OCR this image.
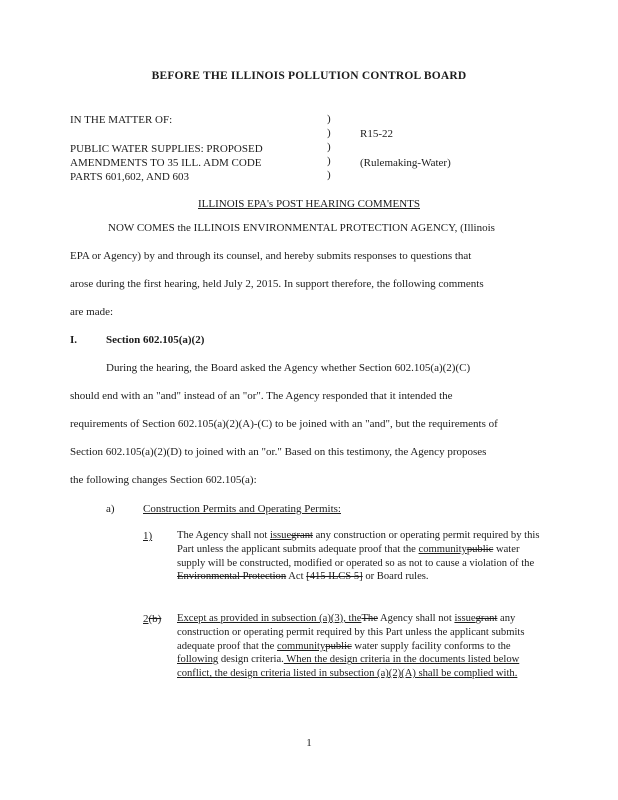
BEFORE THE ILLINOIS POLLUTION CONTROL BOARD
IN THE MATTER OF:
PUBLIC WATER SUPPLIES: PROPOSED
AMENDMENTS TO 35 ILL. ADM CODE
PARTS 601,602, AND 603
)
)
)
)
)
R15-22
(Rulemaking-Water)
ILLINOIS EPA's POST HEARING COMMENTS
NOW COMES the ILLINOIS ENVIRONMENTAL PROTECTION AGENCY, (Illinois
EPA or Agency) by and through its counsel, and hereby submits responses to questions that
arose during the first hearing, held July 2, 2015. In support therefore, the following comments
are made:
I.	Section 602.105(a)(2)
During the hearing, the Board asked the Agency whether Section 602.105(a)(2)(C)
should end with an "and" instead of an "or". The Agency responded that it intended the
requirements of Section 602.105(a)(2)(A)-(C) to be joined with an "and", but the requirements of
Section 602.105(a)(2)(D) to joined with an "or." Based on this testimony, the Agency proposes
the following changes Section 602.105(a):
a)	Construction Permits and Operating Permits:
1) The Agency shall not issuegrant any construction or operating permit required by this Part unless the applicant submits adequate proof that the communitypublic water supply will be constructed, modified or operated so as not to cause a violation of the Environmental Protection Act [415 ILCS 5] or Board rules.
2(b) Except as provided in subsection (a)(3), theThe Agency shall not issuegrant any construction or operating permit required by this Part unless the applicant submits adequate proof that the communitypublic water supply facility conforms to the following design criteria. When the design criteria in the documents listed below conflict, the design criteria listed in subsection (a)(2)(A) shall be complied with.
1
